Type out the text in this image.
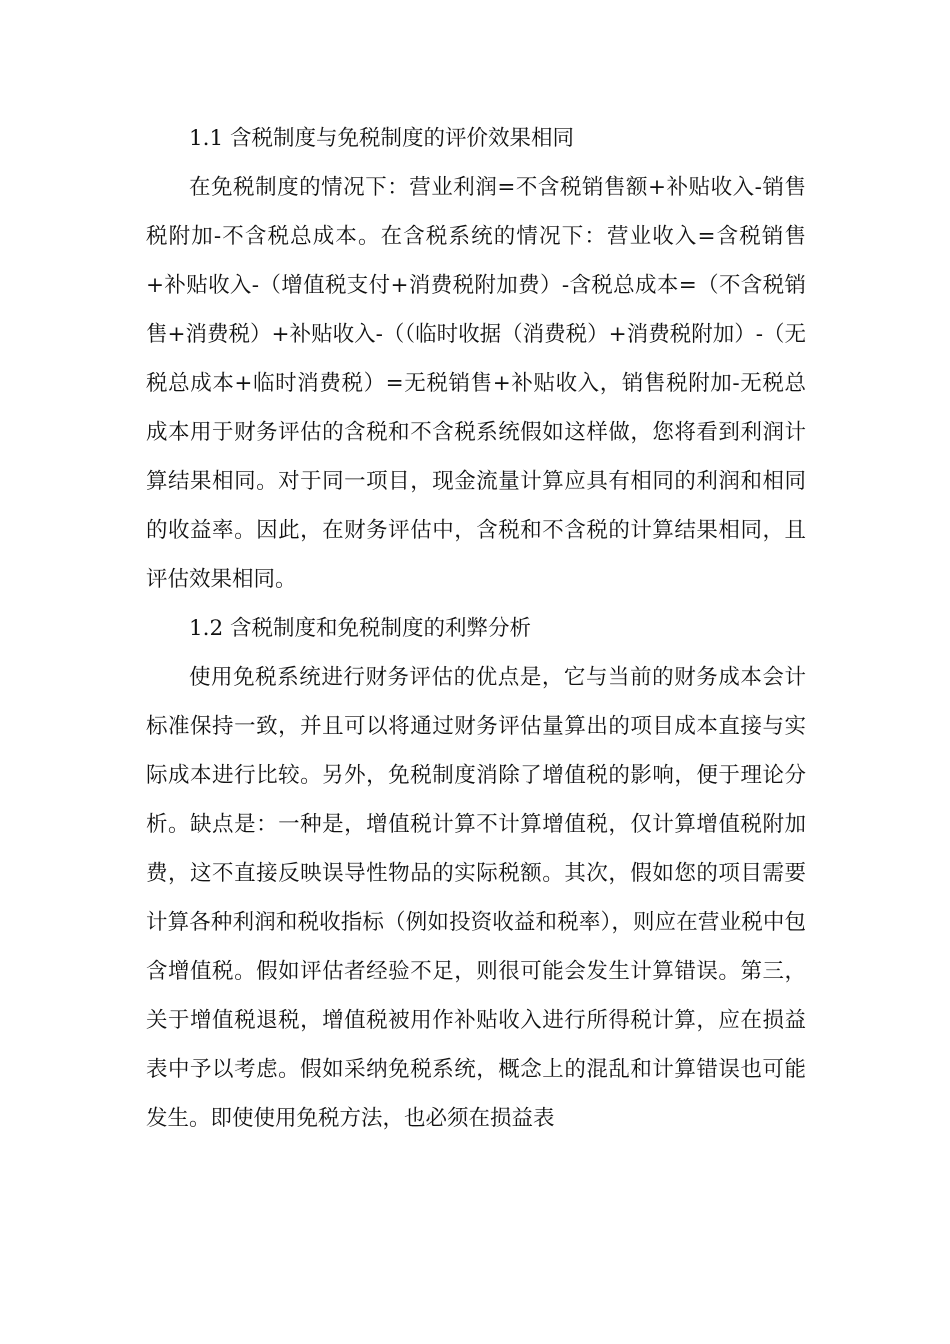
1.1 含税制度与免税制度的评价效果相同

在免税制度的情况下：营业利润=不含税销售额+补贴收入-销售税附加-不含税总成本。在含税系统的情况下：营业收入=含税销售+补贴收入-（增值税支付+消费税附加费）-含税总成本=（不含税销售+消费税）+补贴收入-（（临时收据（消费税）+消费税附加）-（无税总成本+临时消费税）=无税销售+补贴收入，销售税附加-无税总成本用于财务评估的含税和不含税系统假如这样做，您将看到利润计算结果相同。对于同一项目，现金流量计算应具有相同的利润和相同的收益率。因此，在财务评估中，含税和不含税的计算结果相同，且评估效果相同。

1.2 含税制度和免税制度的利弊分析

使用免税系统进行财务评估的优点是，它与当前的财务成本会计标准保持一致，并且可以将通过财务评估量算出的项目成本直接与实际成本进行比较。另外，免税制度消除了增值税的影响，便于理论分析。缺点是：一种是，增值税计算不计算增值税，仅计算增值税附加费，这不直接反映误导性物品的实际税额。其次，假如您的项目需要计算各种利润和税收指标（例如投资收益和税率），则应在营业税中包含增值税。假如评估者经验不足，则很可能会发生计算错误。第三，关于增值税退税，增值税被用作补贴收入进行所得税计算，应在损益表中予以考虑。假如采纳免税系统，概念上的混乱和计算错误也可能发生。即使使用免税方法，也必须在损益表
